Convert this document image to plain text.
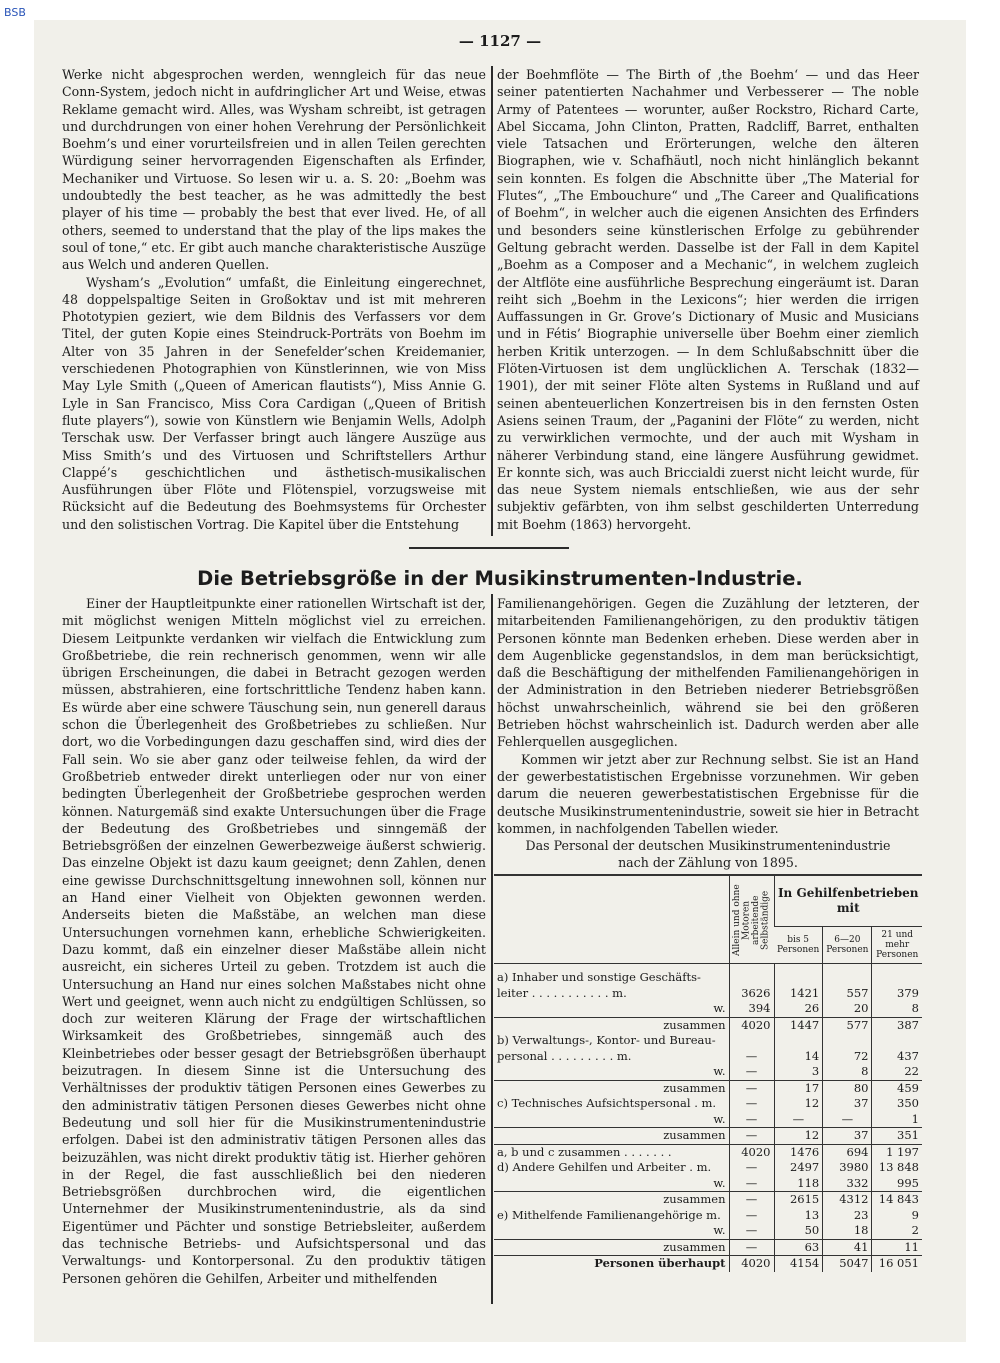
BSB
— 1127 —

Werke nicht abgesprochen werden, wenngleich für das neue Conn-System, jedoch nicht in aufdringlicher Art und Weise, etwas Reklame gemacht wird. Alles, was Wysham schreibt, ist getragen und durchdrungen von einer hohen Verehrung der Persönlichkeit Boehm’s und einer vorurteilsfreien und in allen Teilen gerechten Würdigung seiner hervorragenden Eigenschaften als Erfinder, Mechaniker und Virtuose. So lesen wir u. a. S. 20: „Boehm was undoubtedly the best teacher, as he was admittedly the best player of his time — probably the best that ever lived. He, of all others, seemed to understand that the play of the lips makes the soul of tone,“ etc. Er gibt auch manche charakteristische Auszüge aus Welch und anderen Quellen.

Wysham’s „Evolution“ umfaßt, die Einleitung eingerechnet, 48 doppelspaltige Seiten in Großoktav und ist mit mehreren Phototypien geziert, wie dem Bildnis des Verfassers vor dem Titel, der guten Kopie eines Steindruck-Porträts von Boehm im Alter von 35 Jahren in der Senefelder’schen Kreidemanier, verschiedenen Photographien von Künstlerinnen, wie von Miss May Lyle Smith („Queen of American flautists“), Miss Annie G. Lyle in San Francisco, Miss Cora Cardigan („Queen of British flute players“), sowie von Künstlern wie Benjamin Wells, Adolph Terschak usw. Der Verfasser bringt auch längere Auszüge aus Miss Smith’s und des Virtuosen und Schriftstellers Arthur Clappé’s geschichtlichen und ästhetisch-musikalischen Ausführungen über Flöte und Flötenspiel, vorzugsweise mit Rücksicht auf die Bedeutung des Boehmsystems für Orchester und den solistischen Vortrag. Die Kapitel über die Entstehung

der Boehmflöte — The Birth of ‚the Boehm‘ — und das Heer seiner patentierten Nachahmer und Verbesserer — The noble Army of Patentees — worunter, außer Rockstro, Richard Carte, Abel Siccama, John Clinton, Pratten, Radcliff, Barret, enthalten viele Tatsachen und Erörterungen, welche den älteren Biographen, wie v. Schafhäutl, noch nicht hinlänglich bekannt sein konnten. Es folgen die Abschnitte über „The Material for Flutes“, „The Embouchure“ und „The Career and Qualifications of Boehm“, in welcher auch die eigenen Ansichten des Erfinders und besonders seine künstlerischen Erfolge zu gebührender Geltung gebracht werden. Dasselbe ist der Fall in dem Kapitel „Boehm as a Composer and a Mechanic“, in welchem zugleich der Altflöte eine ausführliche Besprechung eingeräumt ist. Daran reiht sich „Boehm in the Lexicons“; hier werden die irrigen Auffassungen in Gr. Grove’s Dictionary of Music and Musicians und in Fétis’ Biographie universelle über Boehm einer ziemlich herben Kritik unterzogen. — In dem Schlußabschnitt über die Flöten-Virtuosen ist dem unglücklichen A. Terschak (1832—1901), der mit seiner Flöte alten Systems in Rußland und auf seinen abenteuerlichen Konzertreisen bis in den fernsten Osten Asiens seinen Traum, der „Paganini der Flöte“ zu werden, nicht zu verwirklichen vermochte, und der auch mit Wysham in näherer Verbindung stand, eine längere Ausführung gewidmet. Er konnte sich, was auch Briccialdi zuerst nicht leicht wurde, für das neue System niemals entschließen, wie aus der sehr subjektiv gefärbten, von ihm selbst geschilderten Unterredung mit Boehm (1863) hervorgeht.

Die Betriebsgröße in der Musikinstrumenten-Industrie.

Einer der Hauptleitpunkte einer rationellen Wirtschaft ist der, mit möglichst wenigen Mitteln möglichst viel zu erreichen. Diesem Leitpunkte verdanken wir vielfach die Entwicklung zum Großbetriebe, die rein rechnerisch genommen, wenn wir alle übrigen Erscheinungen, die dabei in Betracht gezogen werden müssen, abstrahieren, eine fortschrittliche Tendenz haben kann. Es würde aber eine schwere Täuschung sein, nun generell daraus schon die Überlegenheit des Großbetriebes zu schließen. Nur dort, wo die Vorbedingungen dazu geschaffen sind, wird dies der Fall sein. Wo sie aber ganz oder teilweise fehlen, da wird der Großbetrieb entweder direkt unterliegen oder nur von einer bedingten Überlegenheit der Großbetriebe gesprochen werden können. Naturgemäß sind exakte Untersuchungen über die Frage der Bedeutung des Großbetriebes und sinngemäß der Betriebsgrößen der einzelnen Gewerbezweige äußerst schwierig. Das einzelne Objekt ist dazu kaum geeignet; denn Zahlen, denen eine gewisse Durchschnittsgeltung innewohnen soll, können nur an Hand einer Vielheit von Objekten gewonnen werden. Anderseits bieten die Maßstäbe, an welchen man diese Untersuchungen vornehmen kann, erhebliche Schwierigkeiten. Dazu kommt, daß ein einzelner dieser Maßstäbe allein nicht ausreicht, ein sicheres Urteil zu geben. Trotzdem ist auch die Untersuchung an Hand nur eines solchen Maßstabes nicht ohne Wert und geeignet, wenn auch nicht zu endgültigen Schlüssen, so doch zur weiteren Klärung der Frage der wirtschaftlichen Wirksamkeit des Großbetriebes, sinngemäß auch des Kleinbetriebes oder besser gesagt der Betriebsgrößen überhaupt beizutragen. In diesem Sinne ist die Untersuchung des Verhältnisses der produktiv tätigen Personen eines Gewerbes zu den administrativ tätigen Personen dieses Gewerbes nicht ohne Bedeutung und soll hier für die Musikinstrumentenindustrie erfolgen. Dabei ist den administrativ tätigen Personen alles das beizuzählen, was nicht direkt produktiv tätig ist. Hierher gehören in der Regel, die fast ausschließlich bei den niederen Betriebsgrößen durchbrochen wird, die eigentlichen Unternehmer der Musikinstrumentenindustrie, als da sind Eigentümer und Pächter und sonstige Betriebsleiter, außerdem das technische Betriebs- und Aufsichtspersonal und das Verwaltungs- und Kontorpersonal. Zu den produktiv tätigen Personen gehören die Gehilfen, Arbeiter und mithelfenden

Familienangehörigen. Gegen die Zuzählung der letzteren, der mitarbeitenden Familienangehörigen, zu den produktiv tätigen Personen könnte man Bedenken erheben. Diese werden aber in dem Augenblicke gegenstandslos, in dem man berücksichtigt, daß die Beschäftigung der mithelfenden Familienangehörigen in der Administration in den Betrieben niederer Betriebsgrößen höchst unwahrscheinlich, während sie bei den größeren Betrieben höchst wahrscheinlich ist. Dadurch werden aber alle Fehlerquellen ausgeglichen.

Kommen wir jetzt aber zur Rechnung selbst. Sie ist an Hand der gewerbestatistischen Ergebnisse vorzunehmen. Wir geben darum die neueren gewerbestatistischen Ergebnisse für die deutsche Musikinstrumentenindustrie, soweit sie hier in Betracht kommen, in nachfolgenden Tabellen wieder.

Das Personal der deutschen Musikinstrumentenindustrie

nach der Zählung von 1895.

	Allein und ohne Motoren arbeitende Selbständige	In Gehilfenbetrieben mit		
		bis 5 Personen	6—20 Personen	21 und mehr Personen
a) Inhaber und sonstige Geschäfts-				
leiter . . . . . . . . . . . m.	3626	1421	557	379
w.	394	26	20	8
zusammen	4020	1447	577	387
b) Verwaltungs-, Kontor- und Bureau-				
personal . . . . . . . . . m.	—	14	72	437
w.	—	3	8	22
zusammen	—	17	80	459
c) Technisches Aufsichtspersonal . m.	—	12	37	350
w.	—	—	—	1
zusammen	—	12	37	351
a, b und c zusammen . . . . . . .	4020	1476	694	1 197
d) Andere Gehilfen und Arbeiter . m.	—	2497	3980	13 848
w.	—	118	332	995
zusammen	—	2615	4312	14 843
e) Mithelfende Familienangehörige m.	—	13	23	9
w.	—	50	18	2
zusammen	—	63	41	11
Personen überhaupt	4020	4154	5047	16 051
